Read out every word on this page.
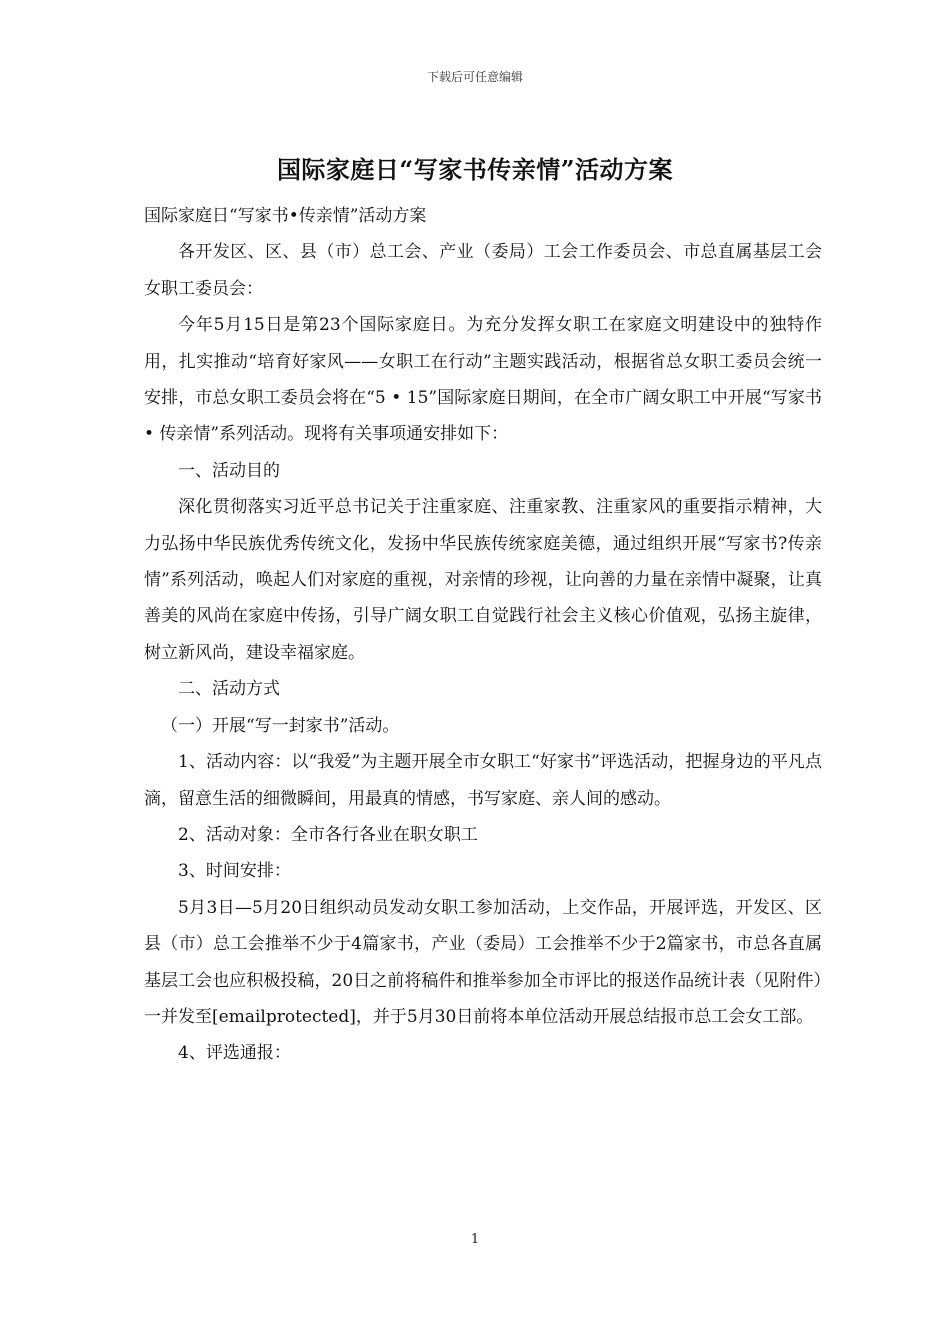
下载后可任意编辑
国际家庭日“写家书传亲情”活动方案

国际家庭日“写家书•传亲情”活动方案

各开发区、区、县（市）总工会、产业（委局）工会工作委员会、市总直属基层工会女职工委员会：

今年5月15日是第23个国际家庭日。为充分发挥女职工在家庭文明建设中的独特作用，扎实推动“培育好家风——女职工在行动”主题实践活动，根据省总女职工委员会统一安排，市总女职工委员会将在“5 • 15”国际家庭日期间，在全市广阔女职工中开展“写家书 • 传亲情”系列活动。现将有关事项通安排如下：

一、活动目的

深化贯彻落实习近平总书记关于注重家庭、注重家教、注重家风的重要指示精神，大力弘扬中华民族优秀传统文化，发扬中华民族传统家庭美德，通过组织开展“写家书?传亲情”系列活动，唤起人们对家庭的重视，对亲情的珍视，让向善的力量在亲情中凝聚，让真善美的风尚在家庭中传扬，引导广阔女职工自觉践行社会主义核心价值观，弘扬主旋律，树立新风尚，建设幸福家庭。

二、活动方式

（一）开展“写一封家书”活动。

1、活动内容：以“我爱”为主题开展全市女职工“好家书”评选活动，把握身边的平凡点滴，留意生活的细微瞬间，用最真的情感，书写家庭、亲人间的感动。

2、活动对象：全市各行各业在职女职工

3、时间安排：

5月3日—5月20日组织动员发动女职工参加活动，上交作品，开展评选，开发区、区县（市）总工会推举不少于4篇家书，产业（委局）工会推举不少于2篇家书，市总各直属基层工会也应积极投稿，20日之前将稿件和推举参加全市评比的报送作品统计表（见附件）一并发至[emailprotected]，并于5月30日前将本单位活动开展总结报市总工会女工部。

4、评选通报：

1
